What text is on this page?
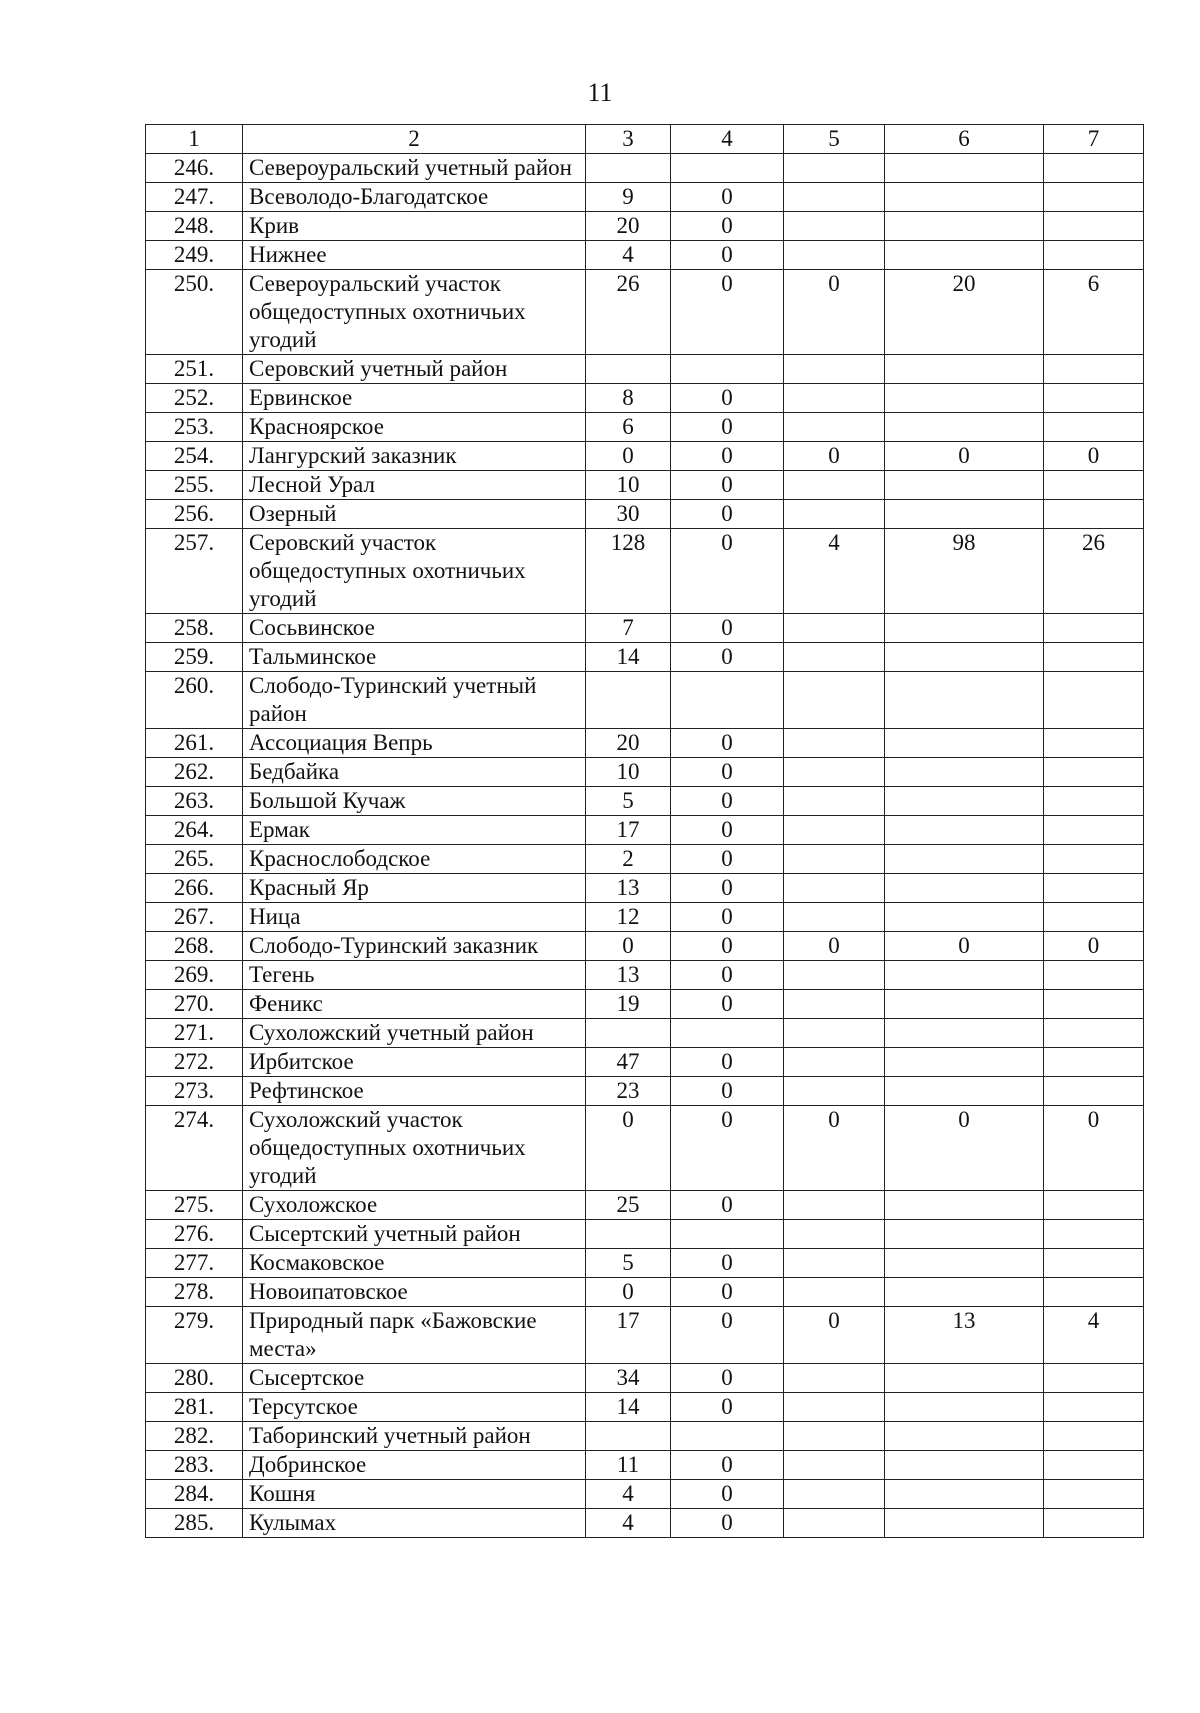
11
1	2	3	4	5	6	7
246.	Североуральский учетный район					
247.	Всеволодо-Благодатское	9	0			
248.	Крив	20	0			
249.	Нижнее	4	0			
250.	Североуральский участок общедоступных охотничьих угодий	26	0	0	20	6
251.	Серовский учетный район					
252.	Ервинское	8	0			
253.	Красноярское	6	0			
254.	Лангурский заказник	0	0	0	0	0
255.	Лесной Урал	10	0			
256.	Озерный	30	0			
257.	Серовский участок общедоступных охотничьих угодий	128	0	4	98	26
258.	Сосьвинское	7	0			
259.	Тальминское	14	0			
260.	Слободо-Туринский учетный район					
261.	Ассоциация Вепрь	20	0			
262.	Бедбайка	10	0			
263.	Большой Кучаж	5	0			
264.	Ермак	17	0			
265.	Краснослободское	2	0			
266.	Красный Яр	13	0			
267.	Ница	12	0			
268.	Слободо-Туринский заказник	0	0	0	0	0
269.	Тегень	13	0			
270.	Феникс	19	0			
271.	Сухоложский учетный район					
272.	Ирбитское	47	0			
273.	Рефтинское	23	0			
274.	Сухоложский участок общедоступных охотничьих угодий	0	0	0	0	0
275.	Сухоложское	25	0			
276.	Сысертский учетный район					
277.	Космаковское	5	0			
278.	Новоипатовское	0	0			
279.	Природный парк «Бажовские места»	17	0	0	13	4
280.	Сысертское	34	0			
281.	Терсутское	14	0			
282.	Таборинский учетный район					
283.	Добринское	11	0			
284.	Кошня	4	0			
285.	Кулымах	4	0			
